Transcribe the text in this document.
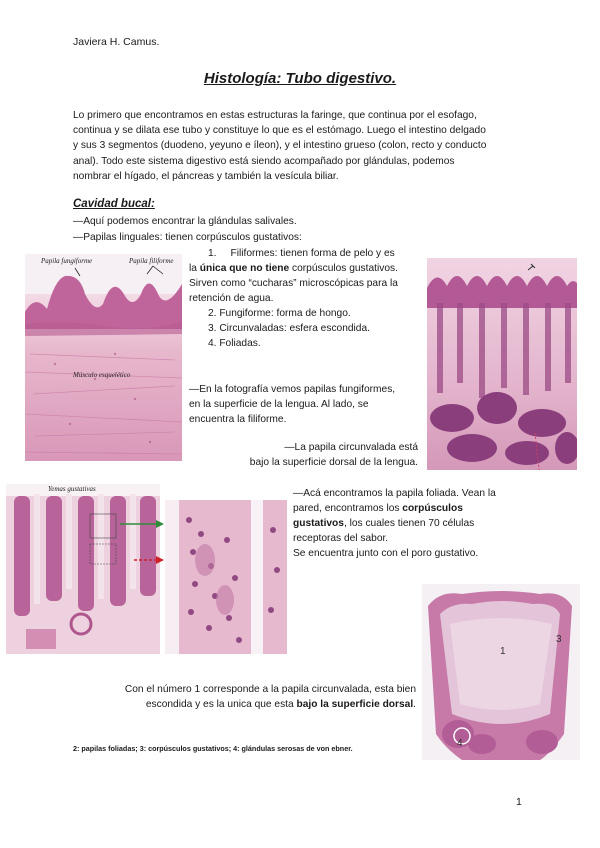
Javiera H. Camus.
Histología: Tubo digestivo.
Lo primero que encontramos en estas estructuras la faringe, que continua por el esofago,
continua y se dilata ese tubo y constituye lo que es el estómago. Luego el intestino delgado
y sus 3 segmentos (duodeno, yeyuno e íleon), y el intestino grueso (colon, recto y conducto
anal). Todo este sistema digestivo está siendo acompañado por glándulas, podemos
nombrar el hígado, el páncreas y también la vesícula biliar.
Cavidad bucal:
—Aquí podemos encontrar la glándulas salivales.
—Papilas linguales: tienen corpúsculos gustativos:
Papila fungiforme	Papila filiforme
Músculo esquelético
1. Filiformes: tienen forma de pelo y es
la única que no tiene corpúsculos gustativos.
Sirven como “cucharas” microscópicas para la
retención de agua.
2. Fungiforme: forma de hongo.
3. Circunvaladas: esfera escondida.
4. Foliadas.
—En la fotografía vemos papilas fungiformes,
en la superficie de la lengua. Al lado, se
encuentra la filiforme.
—La papila circunvalada está
bajo la superficie dorsal de la lengua.
Yemas gustativas	—Acá encontramos la papila foliada. Vean la
pared, encontramos los corpúsculos
gustativos, los cuales tienen 70 células
receptoras del sabor.
Se encuentra junto con el poro gustativo.
1
3
4
Con el número 1 corresponde a la papila circunvalada, esta bien
escondida y es la unica que esta bajo la superficie dorsal.
2: papilas foliadas; 3: corpúsculos gustativos; 4: glándulas serosas de von ebner.
1
